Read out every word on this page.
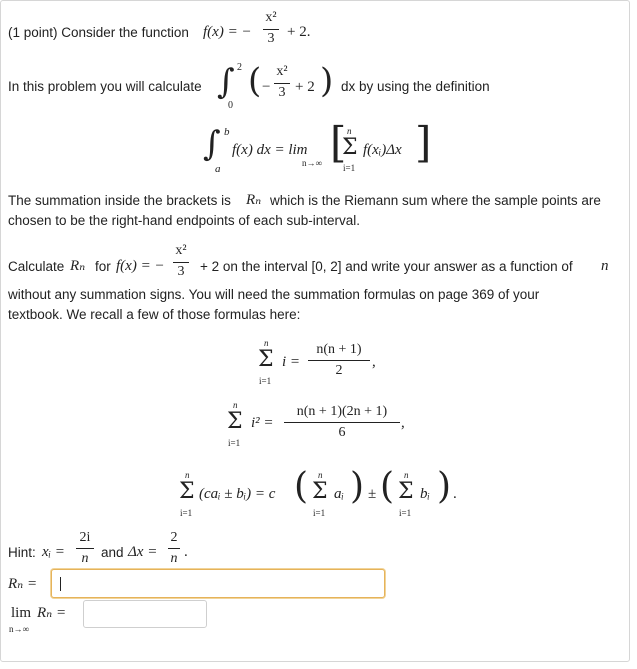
(1 point) Consider the function f(x) = −
x²
3 + 2.
In this problem you will calculate ∫ 2
0
( −
x²
3 + 2 ) dx by using the definition
∫ b
a
f(x) dx = lim
n→∞ [ n
Σ
i=1
f(xᵢ)Δx ]
The summation inside the brackets is Rₙ which is the Riemann sum where the sample points are
chosen to be the right-hand endpoints of each sub-interval.
Calculate Rₙ for f(x) = −
x²
3	+ 2 on the interval [0, 2] and write your answer as a function of n
without any summation signs. You will need the summation formulas on page 369 of your
textbook. We recall a few of those formulas here:
n
Σ
i=1
i =
n(n + 1)
2
,
n
Σ
i=1
i² =
n(n + 1)(2n + 1)
6
,
n
Σ
i=1
(caᵢ ± bᵢ) = c ( n
Σ
i=1
aᵢ ) ± ( n
Σ
i=1
bᵢ ) .
Hint: xᵢ =
2i
n and Δx =
2
n .
Rₙ =
lim Rₙ =
n→∞
